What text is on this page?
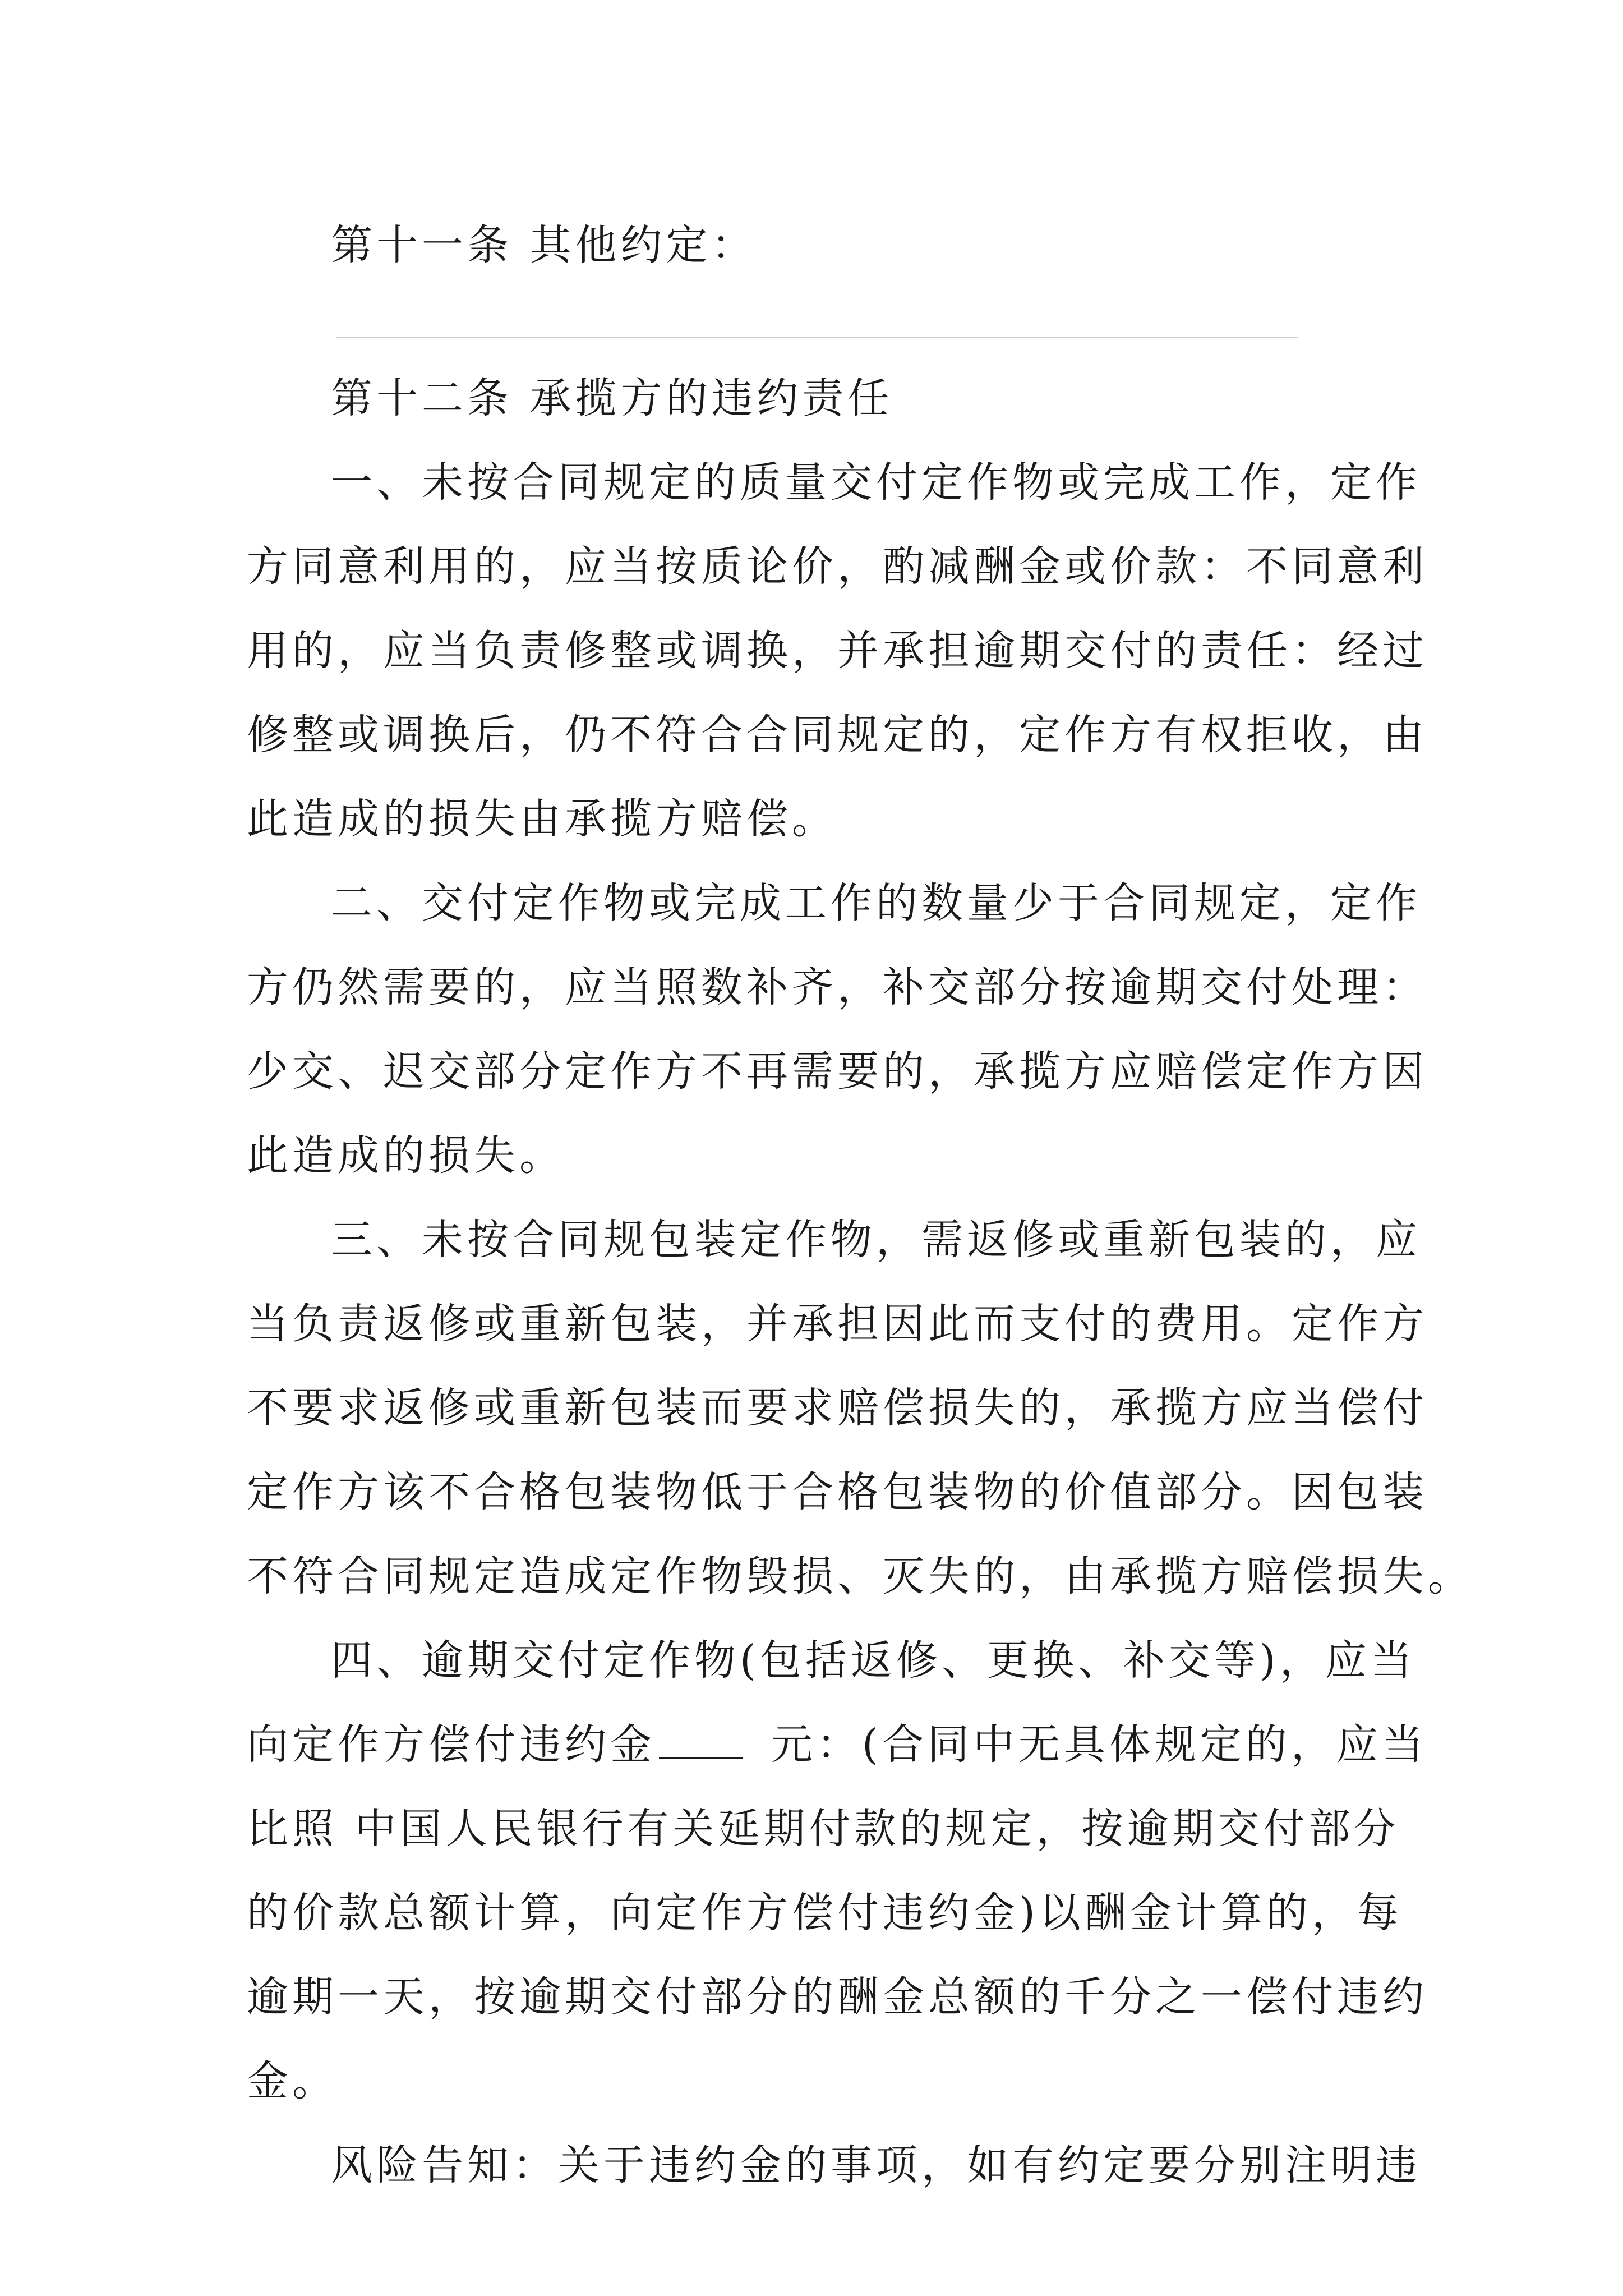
第十一条 其他约定：
第十二条 承揽方的违约责任
一、未按合同规定的质量交付定作物或完成工作，定作
方同意利用的，应当按质论价，酌减酬金或价款：不同意利
用的，应当负责修整或调换，并承担逾期交付的责任：经过
修整或调换后，仍不符合合同规定的，定作方有权拒收，由
此造成的损失由承揽方赔偿。
二、交付定作物或完成工作的数量少于合同规定，定作
方仍然需要的，应当照数补齐，补交部分按逾期交付处理：
少交、迟交部分定作方不再需要的，承揽方应赔偿定作方因
此造成的损失。
三、未按合同规包装定作物，需返修或重新包装的，应
当负责返修或重新包装，并承担因此而支付的费用。定作方
不要求返修或重新包装而要求赔偿损失的，承揽方应当偿付
定作方该不合格包装物低于合格包装物的价值部分。因包装
不符合同规定造成定作物毁损、灭失的，由承揽方赔偿损失。
四、逾期交付定作物(包括返修、更换、补交等)，应当
向定作方偿付违约金	元：(合同中无具体规定的，应当
比照 中国人民银行有关延期付款的规定，按逾期交付部分
的价款总额计算，向定作方偿付违约金)以酬金计算的，每
逾期一天，按逾期交付部分的酬金总额的千分之一偿付违约
金。
风险告知：关于违约金的事项，如有约定要分别注明违
